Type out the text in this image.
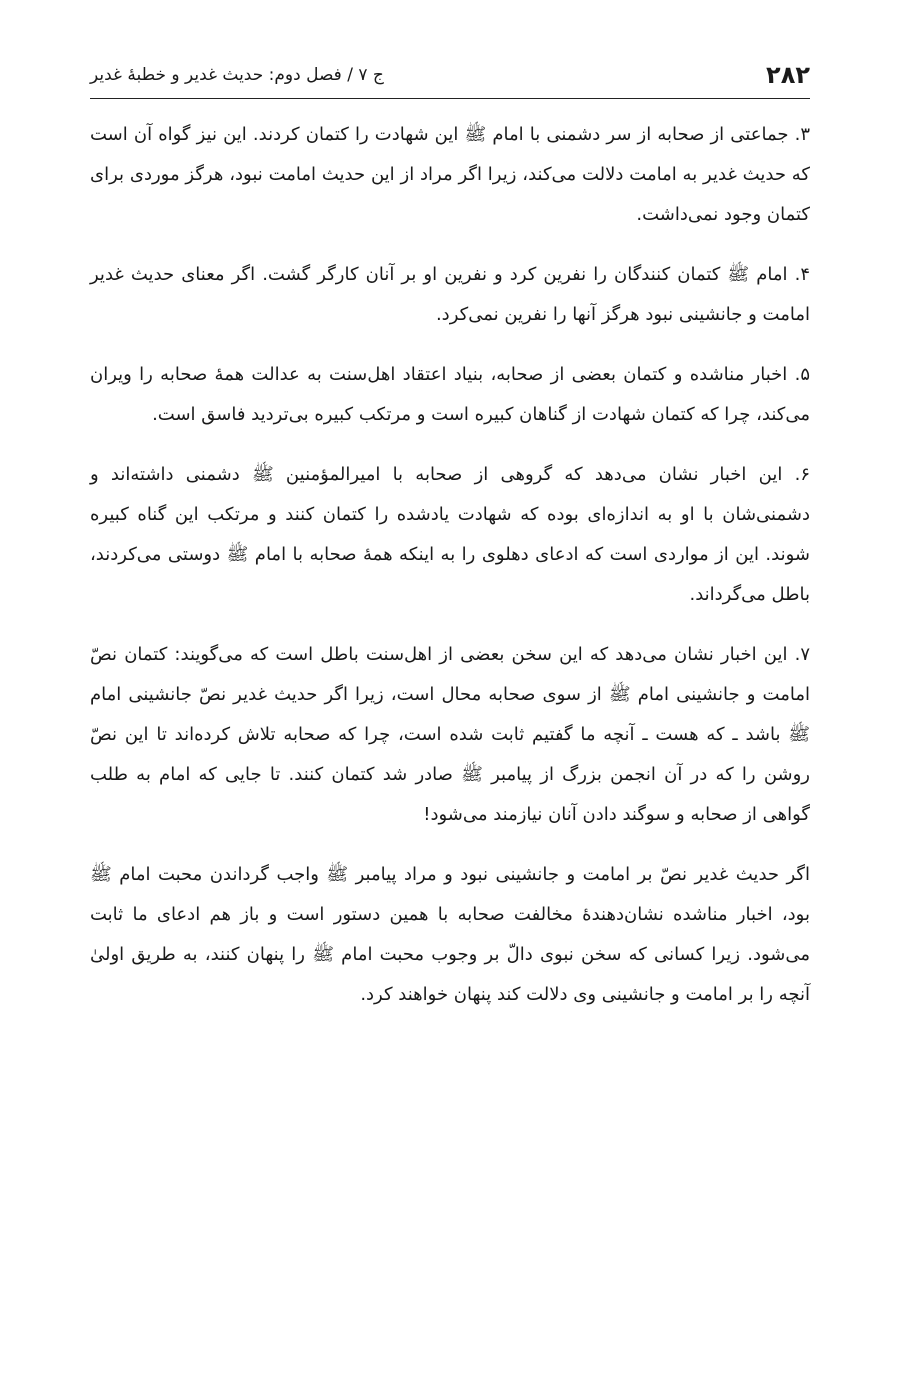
۲۸۲
ج ۷ / فصل دوم: حدیث غدیر و خطبهٔ غدیر

۳. جماعتی از صحابه از سر دشمنی با امام ﷺ این شهادت را کتمان کردند. این نیز گواه آن است که حدیث غدیر به امامت دلالت می‌کند، زیرا اگر مراد از این حدیث امامت نبود، هرگز موردی برای کتمان وجود نمی‌داشت.

۴. امام ﷺ کتمان کنندگان را نفرین کرد و نفرین او بر آنان کارگر گشت. اگر معنای حدیث غدیر امامت و جانشینی نبود هرگز آنها را نفرین نمی‌کرد.

۵. اخبار مناشده و کتمان بعضی از صحابه، بنیاد اعتقاد اهل‌سنت به عدالت همهٔ صحابه را ویران می‌کند، چرا که کتمان شهادت از گناهان کبیره است و مرتکب کبیره بی‌تردید فاسق است.

۶. این اخبار نشان می‌دهد که گروهی از صحابه با امیرالمؤمنین ﷺ دشمنی داشته‌اند و دشمنی‌شان با او به اندازه‌ای بوده که شهادت یادشده را کتمان کنند و مرتکب این گناه کبیره شوند. این از مواردی است که ادعای دهلوی را به اینکه همهٔ صحابه با امام ﷺ دوستی می‌کردند، باطل می‌گرداند.

۷. این اخبار نشان می‌دهد که این سخن بعضی از اهل‌سنت باطل است که می‌گویند: کتمان نصّ امامت و جانشینی امام ﷺ از سوی صحابه محال است، زیرا اگر حدیث غدیر نصّ جانشینی امام ﷺ باشد ـ که هست ـ آنچه ما گفتیم ثابت شده است، چرا که صحابه تلاش کرده‌اند تا این نصّ روشن را که در آن انجمن بزرگ از پیامبر ﷺ صادر شد کتمان کنند. تا جایی که امام به طلب گواهی از صحابه و سوگند دادن آنان نیازمند می‌شود!

اگر حدیث غدیر نصّ بر امامت و جانشینی نبود و مراد پیامبر ﷺ واجب گرداندن محبت امام ﷺ بود، اخبار مناشده نشان‌دهندهٔ مخالفت صحابه با همین دستور است و باز هم ادعای ما ثابت می‌شود. زیرا کسانی که سخن نبوی دالّ بر وجوب محبت امام ﷺ را پنهان کنند، به طریق اولیٰ آنچه را بر امامت و جانشینی وی دلالت کند پنهان خواهند کرد.
